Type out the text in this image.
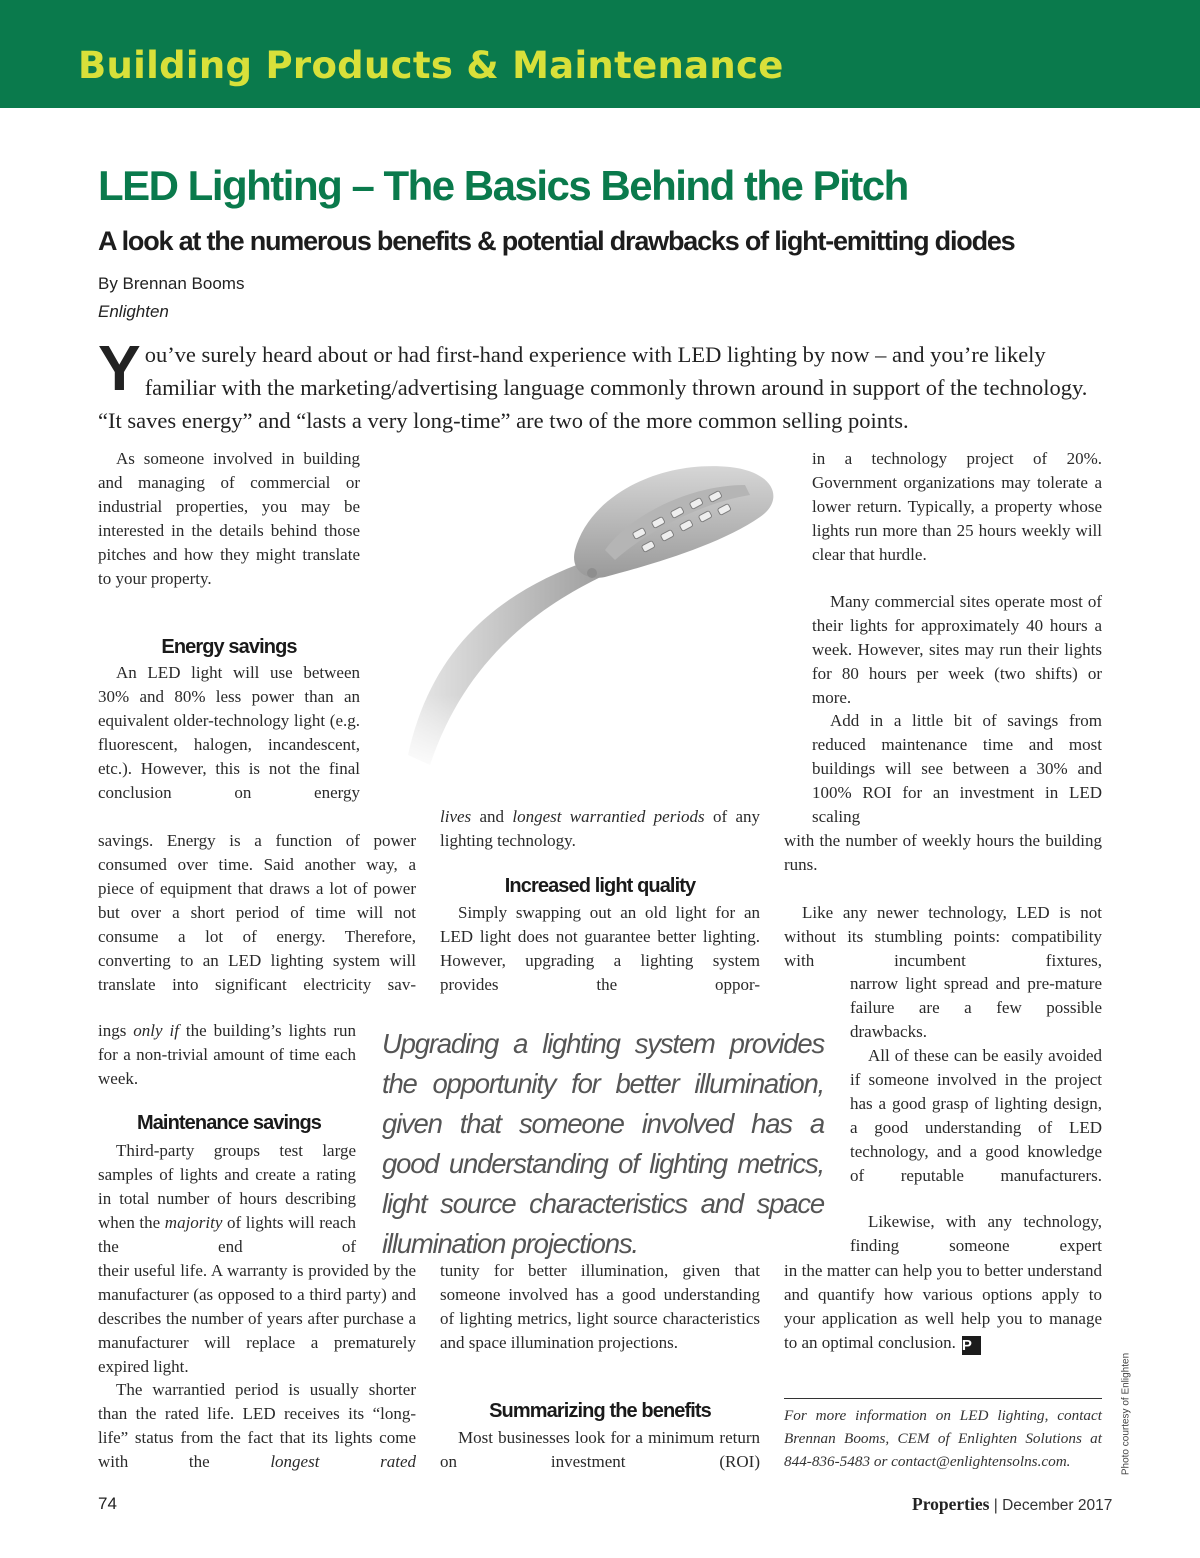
Building Products & Maintenance
LED Lighting – The Basics Behind the Pitch
A look at the numerous benefits & potential drawbacks of light-emitting diodes
By Brennan Booms
Enlighten
You’ve surely heard about or had first-hand experience with LED lighting by now – and you’re likely familiar with the marketing/advertising language commonly thrown around in support of the technology. “It saves energy” and “lasts a very long-time” are two of the more common selling points.

As someone involved in building and managing of commercial or industrial properties, you may be interested in the details behind those pitches and how they might translate to your property.

Energy savings

An LED light will use between 30% and 80% less power than an equivalent older-technology light (e.g. fluorescent, halogen, incandescent, etc.). However, this is not the final conclusion on energy

savings. Energy is a function of power consumed over time. Said another way, a piece of equipment that draws a lot of power but over a short period of time will not consume a lot of energy. Therefore, converting to an LED lighting system will translate into significant electricity sav-

ings only if the building’s lights run for a non-trivial amount of time each week.

Maintenance savings

Third-party groups test large samples of lights and create a rating in total number of hours describing when the majority of lights will reach the end of

their useful life. A warranty is provided by the manufacturer (as opposed to a third party) and describes the number of years after purchase a manufacturer will replace a prematurely expired light.

The warrantied period is usually shorter than the rated life. LED receives its “long-life” status from the fact that its lights come with the longest rated

lives and longest warrantied periods of any lighting technology.

Increased light quality

Simply swapping out an old light for an LED light does not guarantee better lighting. However, upgrading a lighting system provides the oppor-

tunity for better illumination, given that someone involved has a good understanding of lighting metrics, light source characteristics and space illumination projections.

Summarizing the benefits

Most businesses look for a minimum return on investment (ROI)

Upgrading a lighting system provides the opportunity for better illumination, given that someone involved has a good understanding of lighting metrics, light source characteristics and space illumination projections.

in a technology project of 20%. Government organizations may tolerate a lower return. Typically, a property whose lights run more than 25 hours weekly will clear that hurdle.

Many commercial sites operate most of their lights for approximately 40 hours a week. However, sites may run their lights for 80 hours per week (two shifts) or more.

Add in a little bit of savings from reduced maintenance time and most buildings will see between a 30% and 100% ROI for an investment in LED scaling

with the number of weekly hours the building runs.

Like any newer technology, LED is not without its stumbling points: compatibility with incumbent fixtures,

narrow light spread and pre-mature failure are a few possible drawbacks.

All of these can be easily avoided if someone involved in the project has a good grasp of lighting design, a good understanding of LED technology, and a good knowledge of reputable manufacturers.

Likewise, with any technology, finding someone expert

in the matter can help you to better understand and quantify how various options apply to your application as well help you to manage to an optimal conclusion. P

For more information on LED lighting, contact Brennan Booms, CEM of Enlighten Solutions at 844-836-5483 or contact@enlightensolns.com.	Photo courtesy of Enlighten
74	Properties | December 2017
